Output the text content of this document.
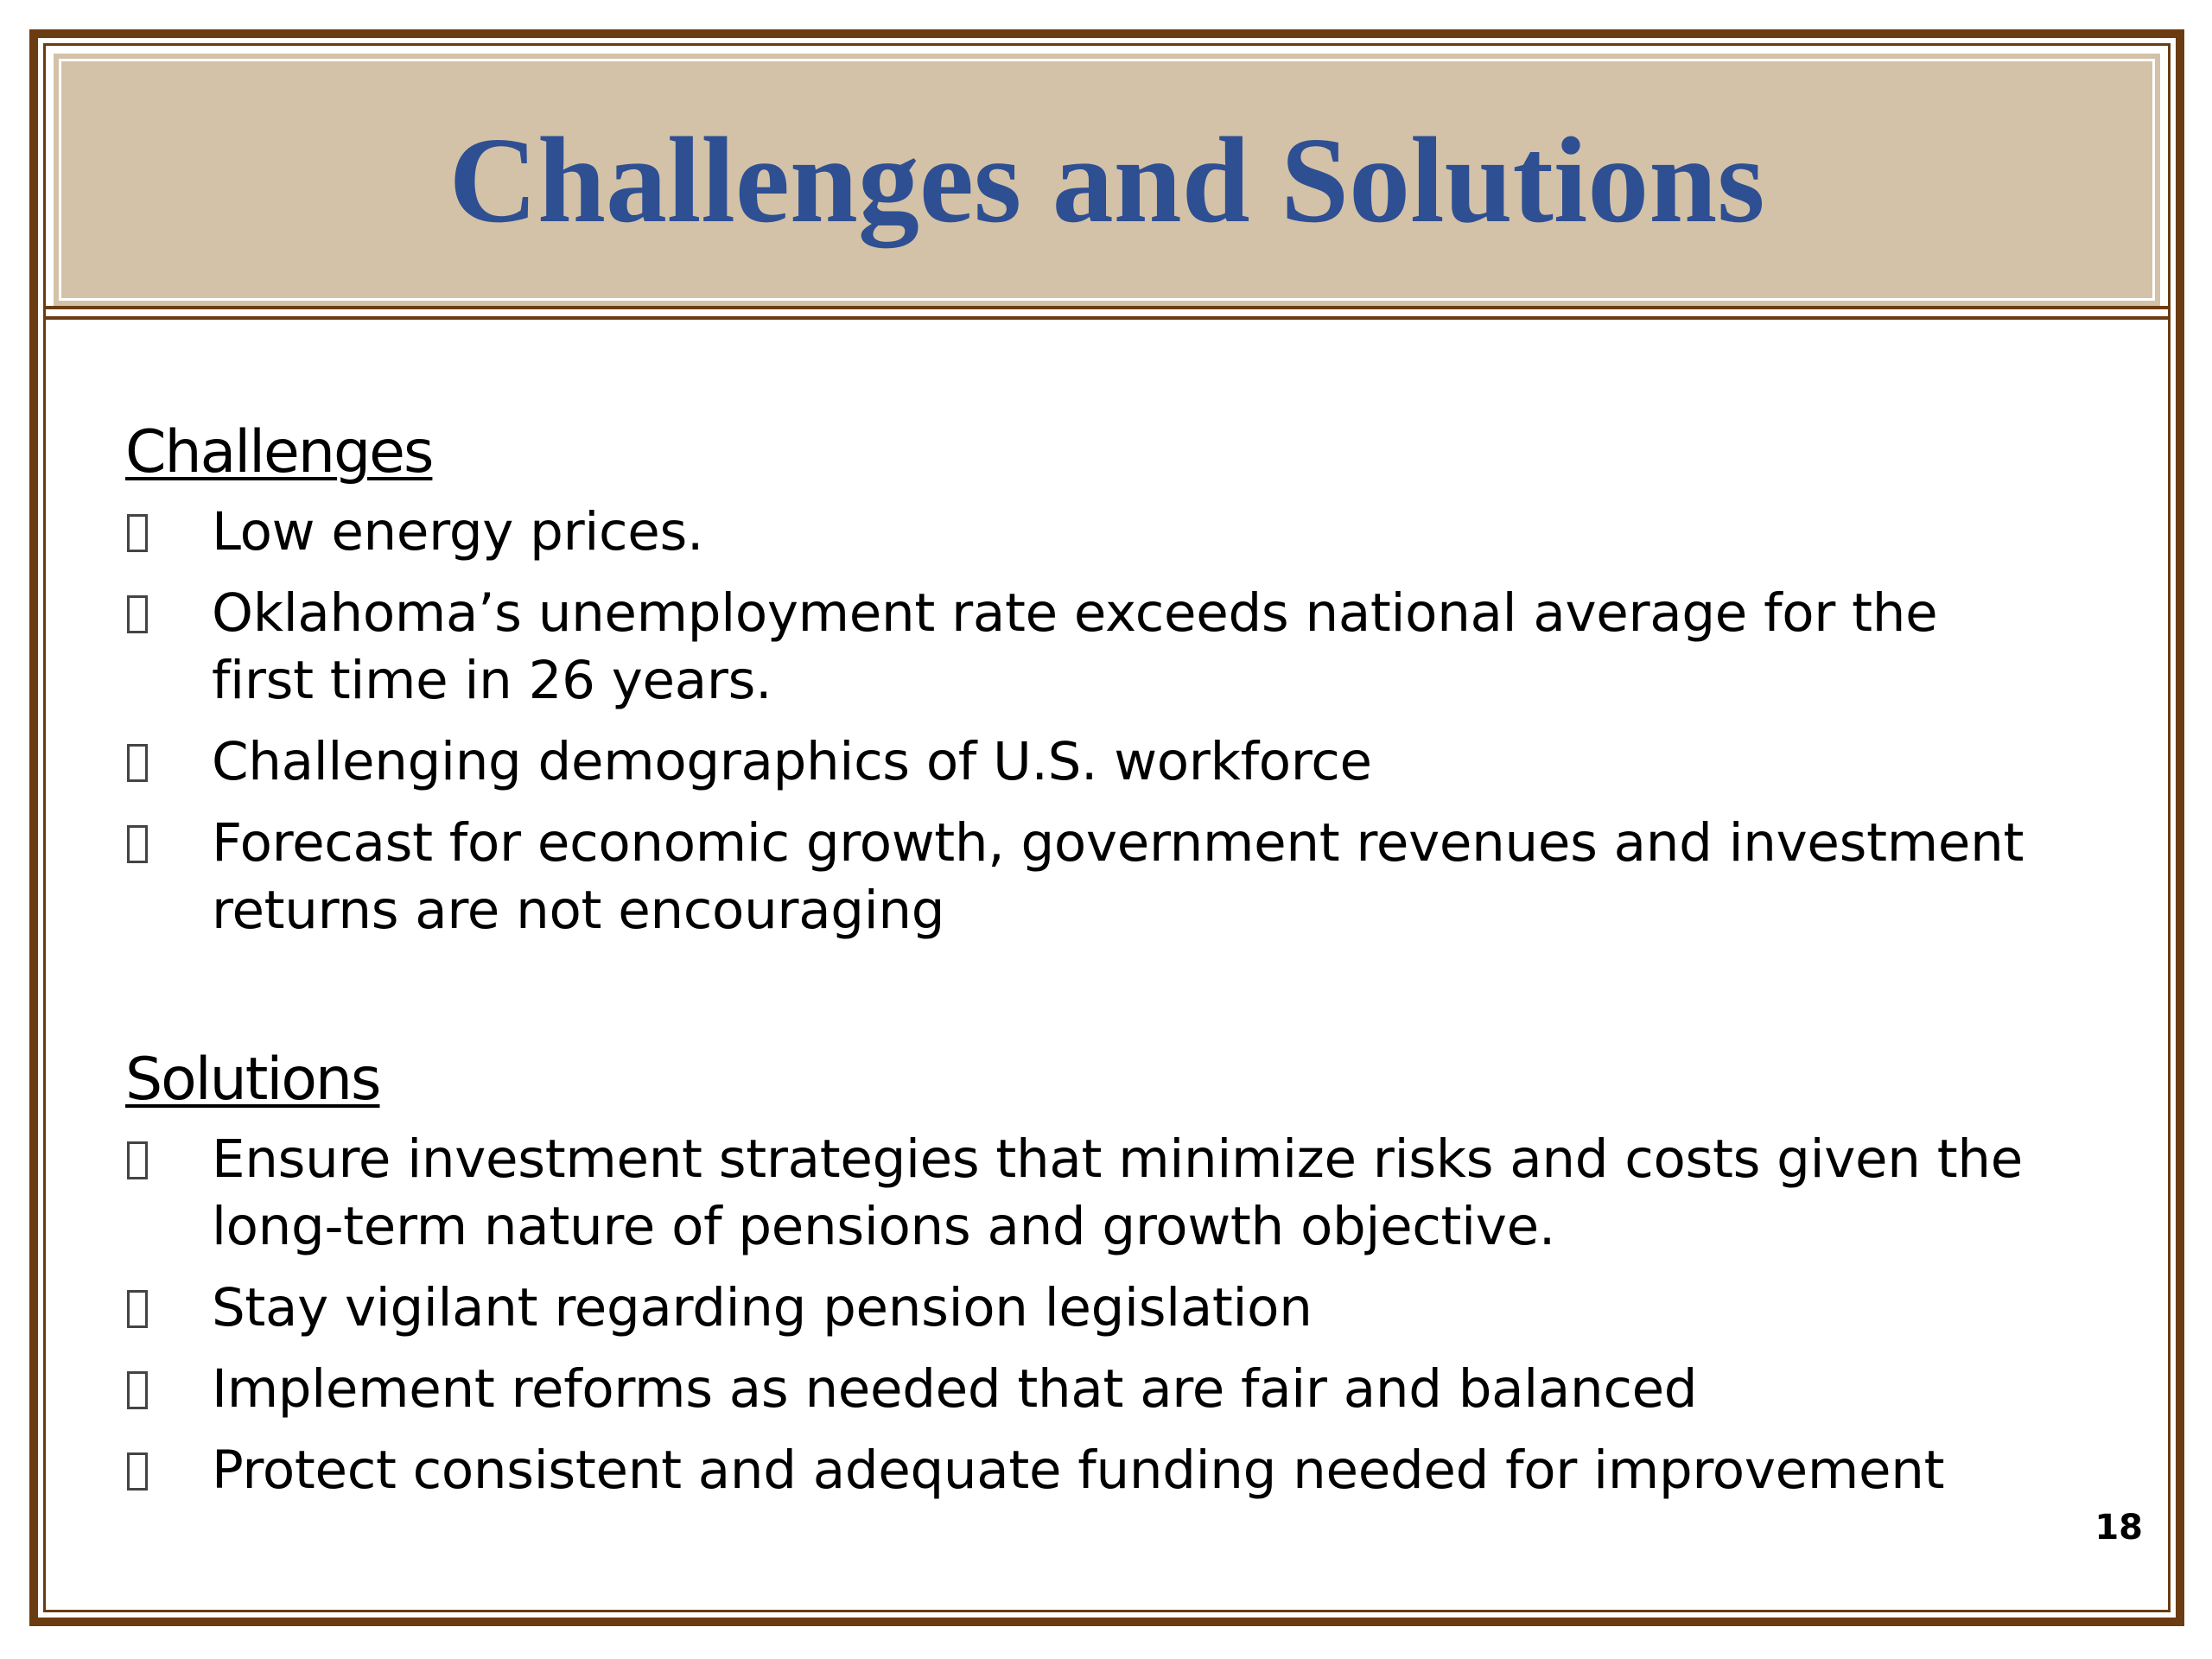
Challenges and Solutions
Challenges
Low energy prices.
Oklahoma’s unemployment rate exceeds national average for the first time in 26 years.
Challenging demographics of U.S. workforce
Forecast for economic growth, government revenues and investment returns are not encouraging
Solutions
Ensure investment strategies that minimize risks and costs given the long-term nature of pensions and growth objective.
Stay vigilant regarding pension legislation
Implement reforms as needed that are fair and balanced
Protect consistent and adequate funding needed for improvement
18
